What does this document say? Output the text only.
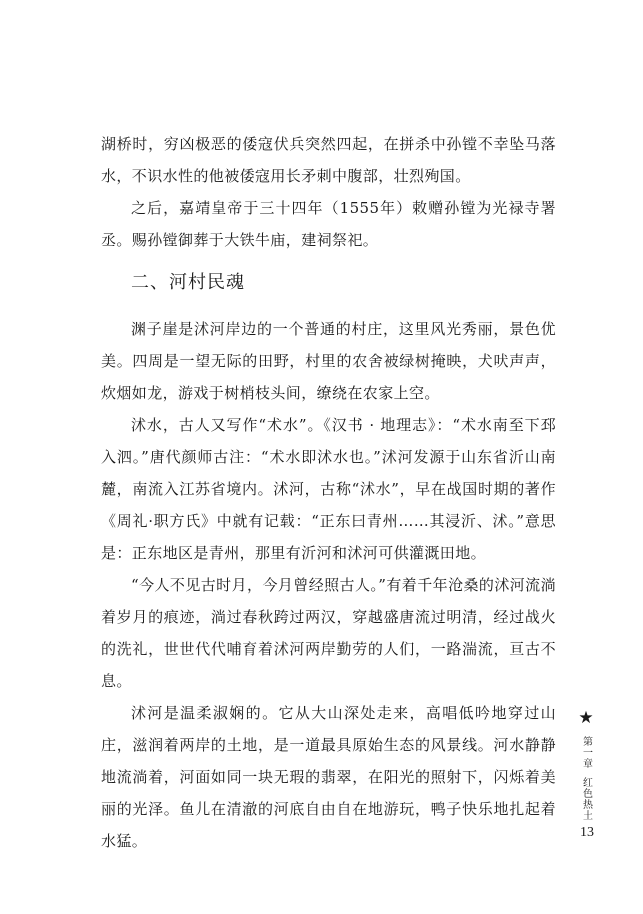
湖桥时，穷凶极恶的倭寇伏兵突然四起，在拼杀中孙镗不幸坠马落水，不识水性的他被倭寇用长矛刺中腹部，壮烈殉国。

之后，嘉靖皇帝于三十四年（1555年）敕赠孙镗为光禄寺署丞。赐孙镗御葬于大铁牛庙，建祠祭祀。

二、河村民魂

渊子崖是沭河岸边的一个普通的村庄，这里风光秀丽，景色优美。四周是一望无际的田野，村里的农舍被绿树掩映，犬吠声声，炊烟如龙，游戏于树梢枝头间，缭绕在农家上空。

沭水，古人又写作“术水”。《汉书 · 地理志》：“术水南至下邳入泗。”唐代颜师古注：“术水即沭水也。”沭河发源于山东省沂山南麓，南流入江苏省境内。沭河，古称“沭水”，早在战国时期的著作《周礼·职方氏》中就有记载：“正东曰青州……其浸沂、沭。”意思是：正东地区是青州，那里有沂河和沭河可供灌溉田地。

“今人不见古时月，今月曾经照古人。”有着千年沧桑的沭河流淌着岁月的痕迹，淌过春秋跨过两汉，穿越盛唐流过明清，经过战火的洗礼，世世代代哺育着沭河两岸勤劳的人们，一路湍流，亘古不息。

沭河是温柔淑娴的。它从大山深处走来，高唱低吟地穿过山庄，滋润着两岸的土地，是一道最具原始生态的风景线。河水静静地流淌着，河面如同一块无瑕的翡翠，在阳光的照射下，闪烁着美丽的光泽。鱼儿在清澈的河底自由自在地游玩，鸭子快乐地扎起着水猛。

★
第一章
红色热土
13
